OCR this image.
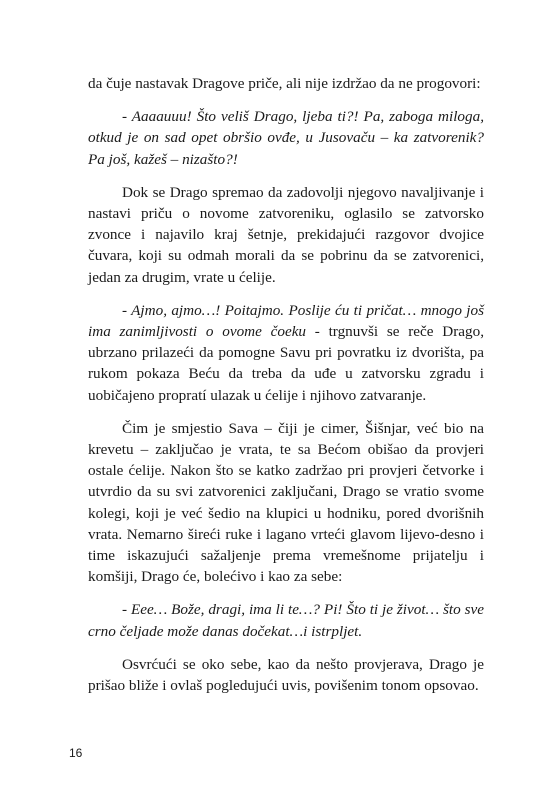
da čuje nastavak Dragove priče, ali nije izdržao da ne progovori:

- Aaaauuu! Što veliš Drago, ljeba ti?! Pa, zaboga miloga, otkud je on sad opet obršio ovđe, u Jusovaču – ka zatvorenik? Pa još, kažeš – nizašto?!

Dok se Drago spremao da zadovolji njegovo navaljivanje i nastavi priču o novome zatvoreniku, oglasilo se zatvorsko zvonce i najavilo kraj šetnje, prekidajući razgovor dvojice čuvara, koji su odmah morali da se pobrinu da se zatvorenici, jedan za drugim, vrate u ćelije.

- Ajmo, ajmo…! Poitajmo. Poslije ću ti pričat… mnogo još ima zanimljivosti o ovome čoeku - trgnuvši se reče Drago, ubrzano prilazeći da pomogne Savu pri povratku iz dvorišta, pa rukom pokaza Beću da treba da uđe u zatvorsku zgradu i uobičajeno propratí ulazak u ćelije i njihovo zatvaranje.

Čim je smjestio Sava – čiji je cimer, Šišnjar, već bio na krevetu – zaključao je vrata, te sa Bećom obišao da provjeri ostale ćelije. Nakon što se katko zadržao pri provjeri četvorke i utvrdio da su svi zatvorenici zaključani, Drago se vratio svome kolegi, koji je već šedio na klupici u hodniku, pored dvorišnih vrata. Nemarno šireći ruke i lagano vrteći glavom lijevo-desno i time iskazujući sažaljenje prema vremešnome prijatelju i komšiji, Drago će, bolećivo i kao za sebe:

- Eee… Bože, dragi, ima li te…? Pi! Što ti je život… što sve crno čeljade može danas dočekat…i istrpljet.

Osvrćući se oko sebe, kao da nešto provjerava, Drago je prišao bliže i ovlaš pogledujući uvis, povišenim tonom opsovao.

16
